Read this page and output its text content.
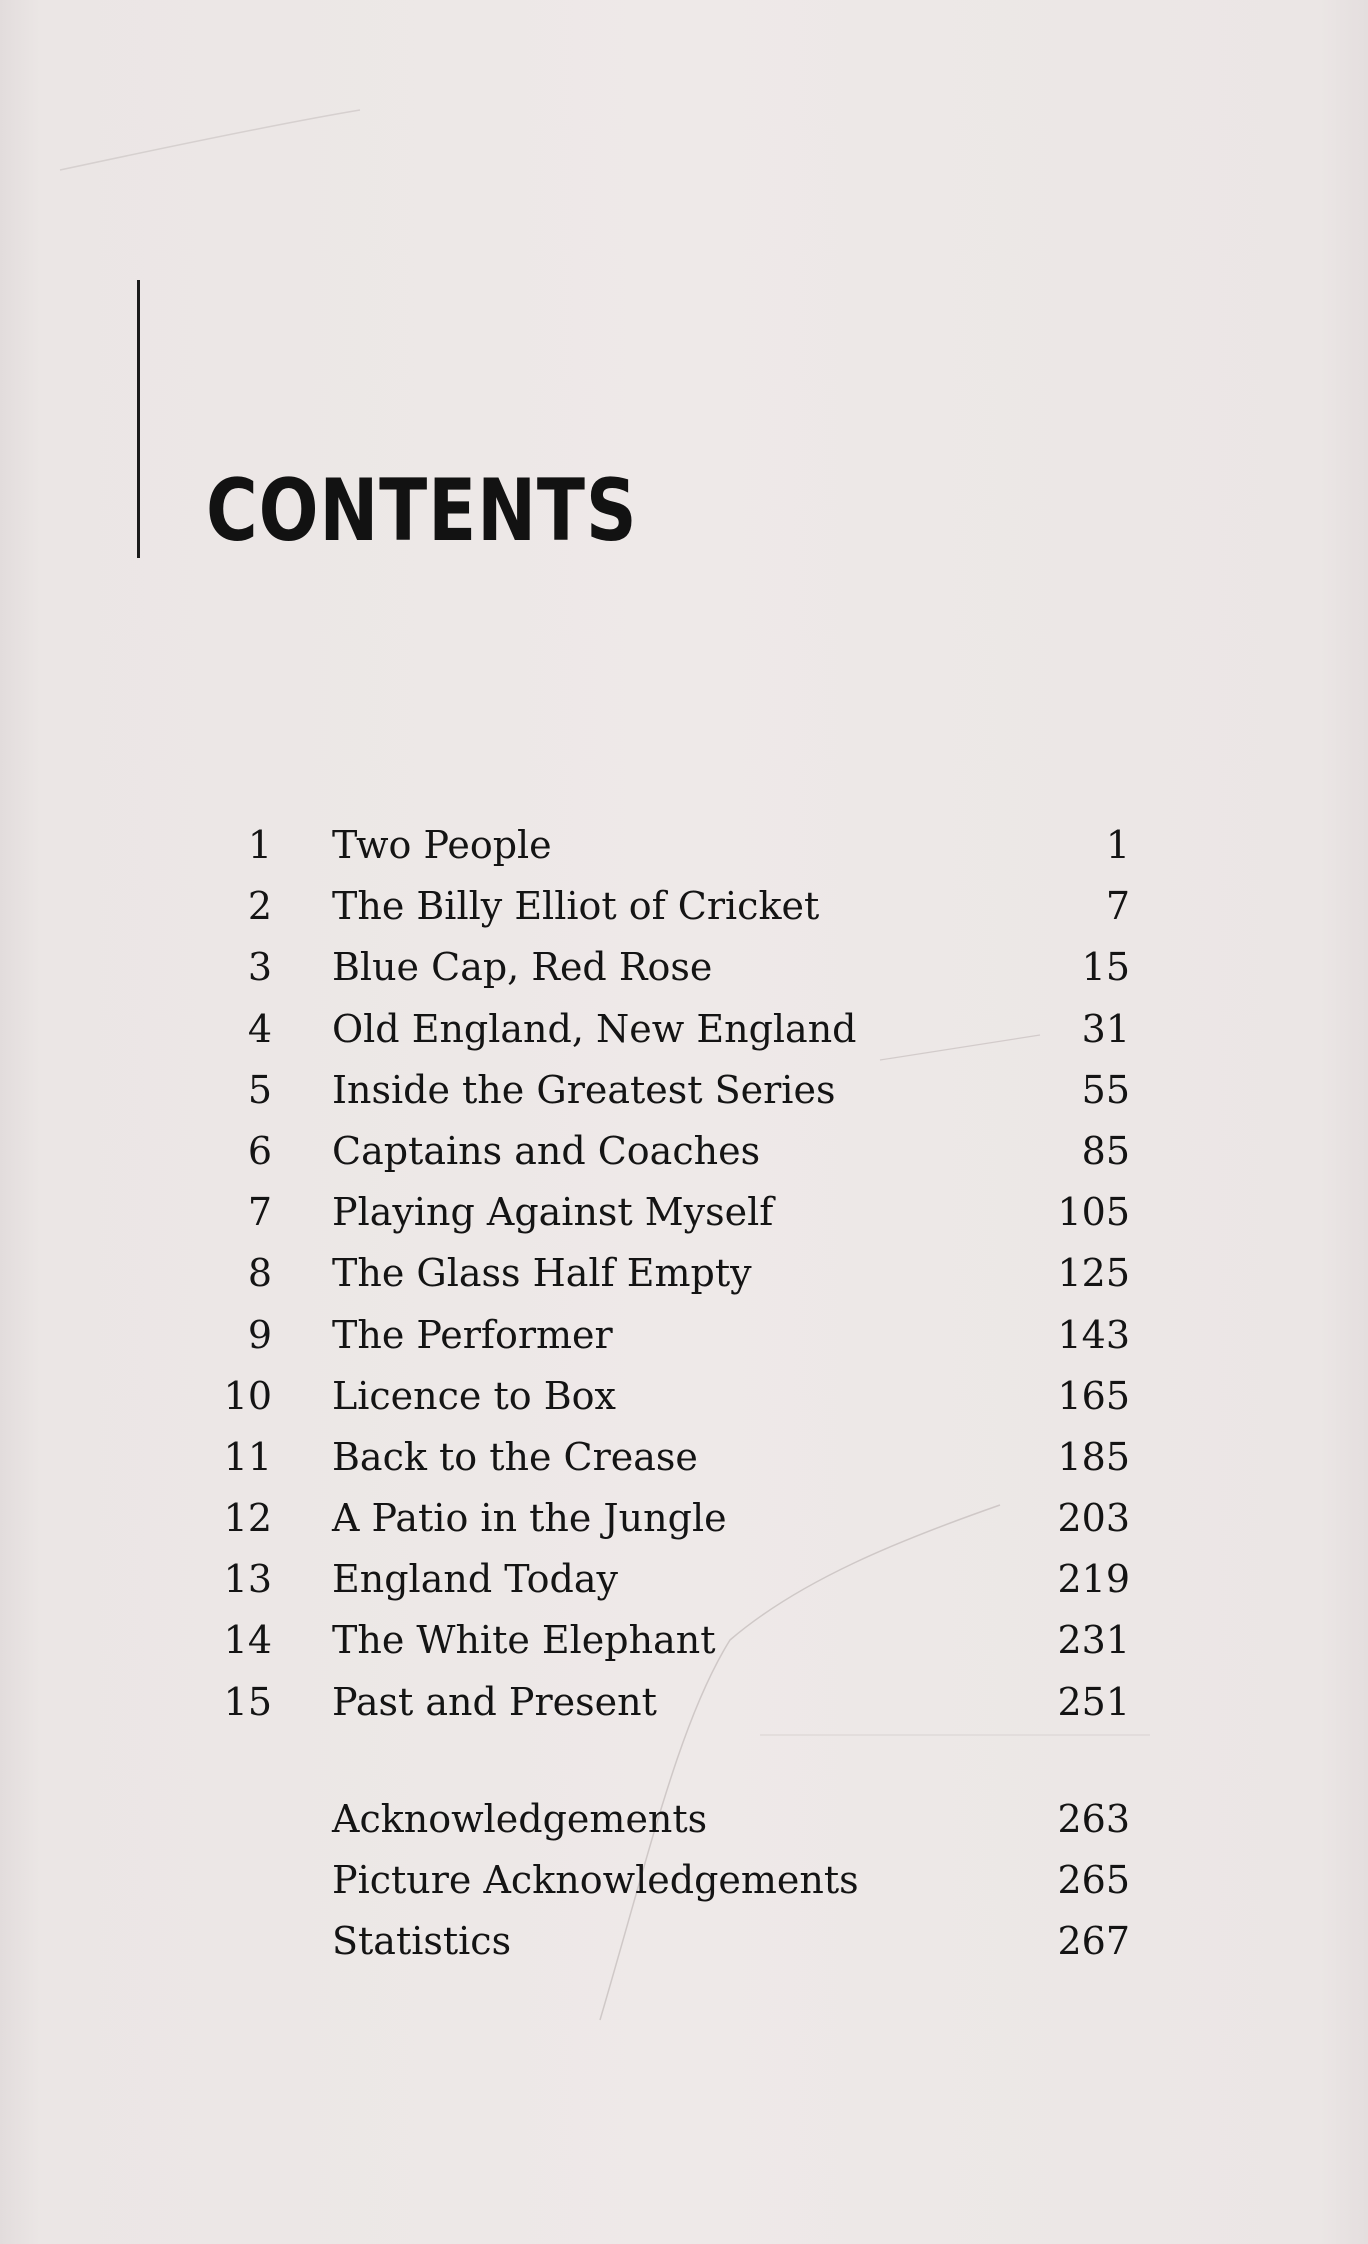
CONTENTS
1 Two People	1
2 The Billy Elliot of Cricket	7
3 Blue Cap, Red Rose	15
4 Old England, New England	31
5 Inside the Greatest Series	55
6 Captains and Coaches	85
7 Playing Against Myself	105
8 The Glass Half Empty	125
9 The Performer	143
10 Licence to Box	165
11 Back to the Crease	185
12 A Patio in the Jungle	203
13 England Today	219
14 The White Elephant	231
15 Past and Present	251
Acknowledgements	263
Picture Acknowledgements	265
Statistics	267
